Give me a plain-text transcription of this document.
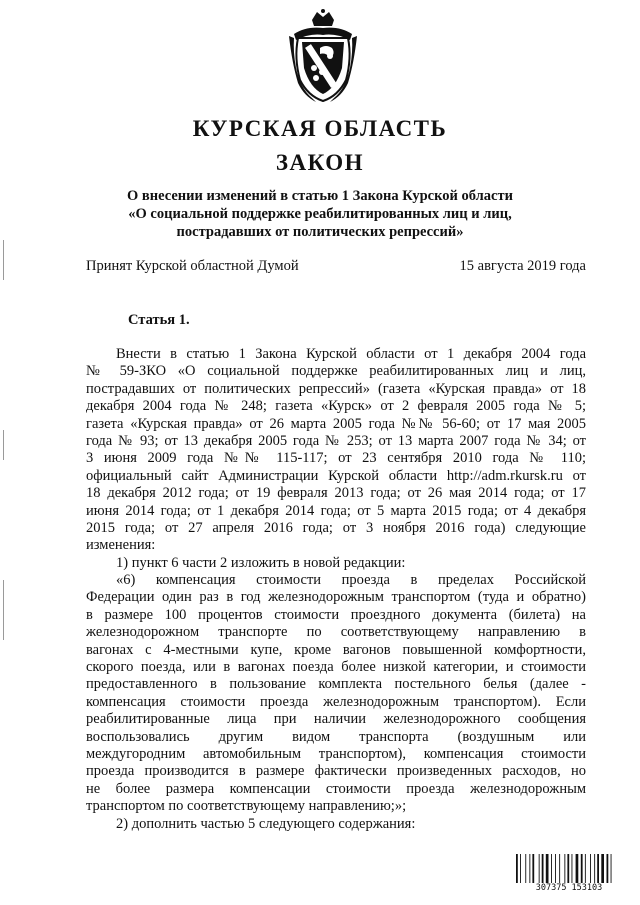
КУРСКАЯ ОБЛАСТЬ
ЗАКОН
О внесении изменений в статью 1 Закона Курской области
«О социальной поддержке реабилитированных лиц и лиц,
пострадавших от политических репрессий»
Принят Курской областной Думой	15 августа 2019 года
Статья 1.
Внести в статью 1 Закона Курской области от 1 декабря 2004 года
№ 59-ЗКО «О социальной поддержке реабилитированных лиц и лиц,
пострадавших от политических репрессий» (газета «Курская правда» от 18
декабря 2004 года № 248; газета «Курск» от 2 февраля 2005 года № 5;
газета «Курская правда» от 26 марта 2005 года №№ 56-60; от 17 мая 2005
года № 93; от 13 декабря 2005 года № 253; от 13 марта 2007 года № 34; от
3 июня 2009 года №№ 115-117; от 23 сентября 2010 года № 110;
официальный сайт Администрации Курской области http://adm.rkursk.ru от
18 декабря 2012 года; от 19 февраля 2013 года; от 26 мая 2014 года; от 17
июня 2014 года; от 1 декабря 2014 года; от 5 марта 2015 года; от 4 декабря
2015 года; от 27 апреля 2016 года; от 3 ноября 2016 года) следующие
изменения:
1) пункт 6 части 2 изложить в новой редакции:
«6) компенсация стоимости проезда в пределах Российской
Федерации один раз в год железнодорожным транспортом (туда и обратно)
в размере 100 процентов стоимости проездного документа (билета) на
железнодорожном транспорте по соответствующему направлению в
вагонах с 4-местными купе, кроме вагонов повышенной комфортности,
скорого поезда, или в вагонах поезда более низкой категории, и стоимости
предоставленного в пользование комплекта постельного белья (далее -
компенсация стоимости проезда железнодорожным транспортом). Если
реабилитированные лица при наличии железнодорожного сообщения
воспользовались другим видом транспорта (воздушным или
междугородним автомобильным транспортом), компенсация стоимости
проезда производится в размере фактически произведенных расходов, но
не более размера компенсации стоимости проезда железнодорожным
транспортом по соответствующему направлению;»;
2) дополнить частью 5 следующего содержания:
307375 153103
